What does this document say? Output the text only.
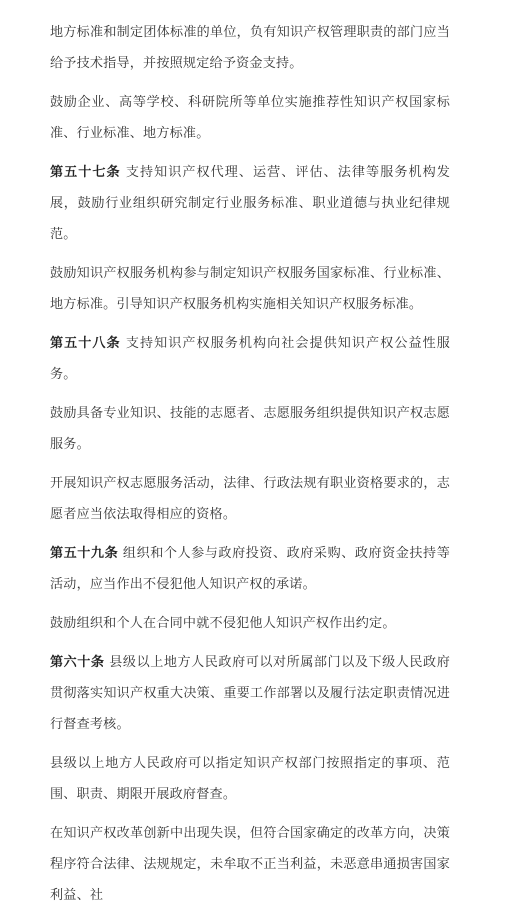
地方标准和制定团体标准的单位，负有知识产权管理职责的部门应当给予技术指导，并按照规定给予资金支持。

鼓励企业、高等学校、科研院所等单位实施推荐性知识产权国家标准、行业标准、地方标准。

第五十七条 支持知识产权代理、运营、评估、法律等服务机构发展，鼓励行业组织研究制定行业服务标准、职业道德与执业纪律规范。

鼓励知识产权服务机构参与制定知识产权服务国家标准、行业标准、地方标准。引导知识产权服务机构实施相关知识产权服务标准。

第五十八条 支持知识产权服务机构向社会提供知识产权公益性服务。

鼓励具备专业知识、技能的志愿者、志愿服务组织提供知识产权志愿服务。

开展知识产权志愿服务活动，法律、行政法规有职业资格要求的，志愿者应当依法取得相应的资格。

第五十九条 组织和个人参与政府投资、政府采购、政府资金扶持等活动，应当作出不侵犯他人知识产权的承诺。

鼓励组织和个人在合同中就不侵犯他人知识产权作出约定。

第六十条 县级以上地方人民政府可以对所属部门以及下级人民政府贯彻落实知识产权重大决策、重要工作部署以及履行法定职责情况进行督查考核。

县级以上地方人民政府可以指定知识产权部门按照指定的事项、范围、职责、期限开展政府督查。

在知识产权改革创新中出现失误，但符合国家确定的改革方向，决策程序符合法律、法规规定，未牟取不正当利益，未恶意串通损害国家利益、社
